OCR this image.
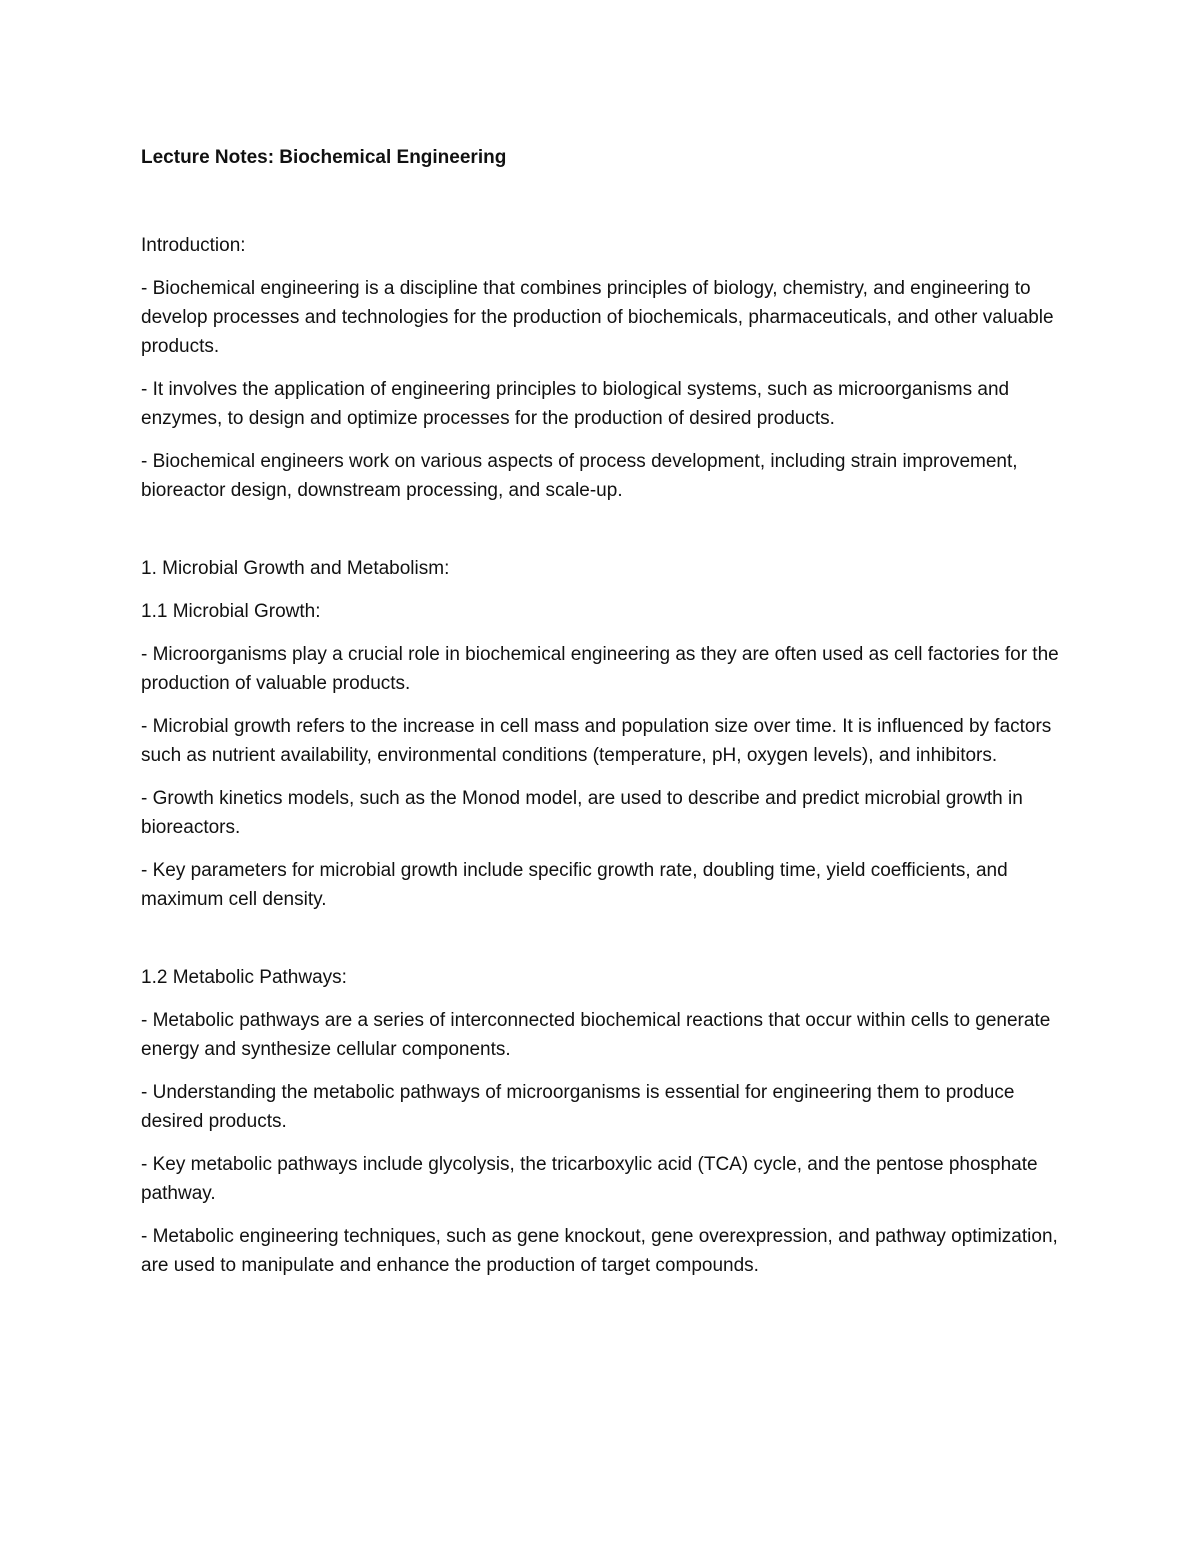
Lecture Notes: Biochemical Engineering
Introduction:
- Biochemical engineering is a discipline that combines principles of biology, chemistry, and engineering to develop processes and technologies for the production of biochemicals, pharmaceuticals, and other valuable products.
- It involves the application of engineering principles to biological systems, such as microorganisms and enzymes, to design and optimize processes for the production of desired products.
- Biochemical engineers work on various aspects of process development, including strain improvement, bioreactor design, downstream processing, and scale-up.
1. Microbial Growth and Metabolism:
1.1 Microbial Growth:
- Microorganisms play a crucial role in biochemical engineering as they are often used as cell factories for the production of valuable products.
- Microbial growth refers to the increase in cell mass and population size over time. It is influenced by factors such as nutrient availability, environmental conditions (temperature, pH, oxygen levels), and inhibitors.
- Growth kinetics models, such as the Monod model, are used to describe and predict microbial growth in bioreactors.
- Key parameters for microbial growth include specific growth rate, doubling time, yield coefficients, and maximum cell density.
1.2 Metabolic Pathways:
- Metabolic pathways are a series of interconnected biochemical reactions that occur within cells to generate energy and synthesize cellular components.
- Understanding the metabolic pathways of microorganisms is essential for engineering them to produce desired products.
- Key metabolic pathways include glycolysis, the tricarboxylic acid (TCA) cycle, and the pentose phosphate pathway.
- Metabolic engineering techniques, such as gene knockout, gene overexpression, and pathway optimization, are used to manipulate and enhance the production of target compounds.
